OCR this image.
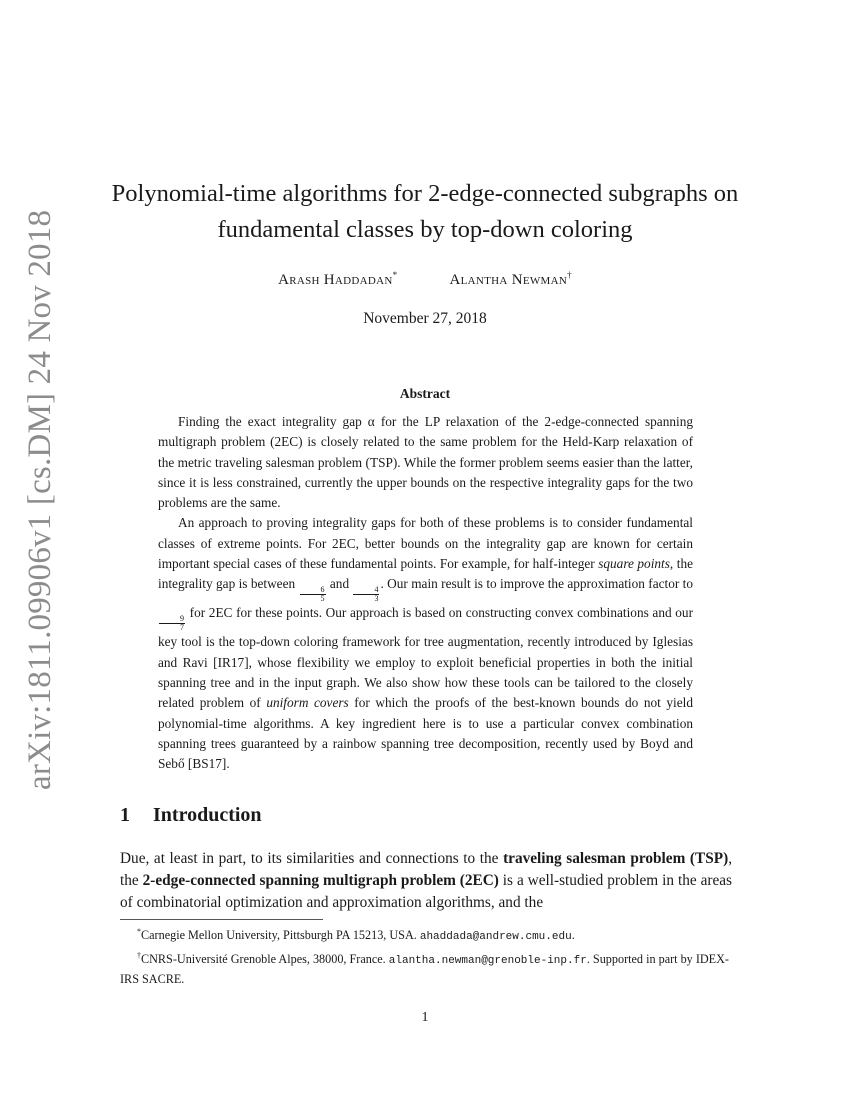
arXiv:1811.09906v1 [cs.DM] 24 Nov 2018
Polynomial-time algorithms for 2-edge-connected subgraphs on
fundamental classes by top-down coloring
Arash Haddadan*	Alantha Newman†
November 27, 2018
Abstract

Finding the exact integrality gap α for the LP relaxation of the 2-edge-connected spanning multigraph problem (2EC) is closely related to the same problem for the Held-Karp relaxation of the metric traveling salesman problem (TSP). While the former problem seems easier than the latter, since it is less constrained, currently the upper bounds on the respective integrality gaps for the two problems are the same.

An approach to proving integrality gaps for both of these problems is to consider fundamental classes of extreme points. For 2EC, better bounds on the integrality gap are known for certain important special cases of these fundamental points. For example, for half-integer square points, the integrality gap is between
$\frac{6}{5}$
and
$\frac{4}{3}$
. Our main result is to improve the approximation factor to
$\frac{9}{7}$
for 2EC for these points. Our approach is based on constructing convex combinations and our key tool is the top-down coloring framework for tree augmentation, recently introduced by Iglesias and Ravi [IR17], whose flexibility we employ to exploit beneficial properties in both the initial spanning tree and in the input graph. We also show how these tools can be tailored to the closely related problem of uniform covers for which the proofs of the best-known bounds do not yield polynomial-time algorithms. A key ingredient here is to use a particular convex combination spanning trees guaranteed by a rainbow spanning tree decomposition, recently used by Boyd and Sebő [BS17].

1 Introduction

Due, at least in part, to its similarities and connections to the traveling salesman problem (TSP), the 2-edge-connected spanning multigraph problem (2EC) is a well-studied problem in the areas of combinatorial optimization and approximation algorithms, and the

*Carnegie Mellon University, Pittsburgh PA 15213, USA. ahaddada@andrew.cmu.edu.

†CNRS-Université Grenoble Alpes, 38000, France. alantha.newman@grenoble-inp.fr. Supported in part by IDEX-IRS SACRE.

1
